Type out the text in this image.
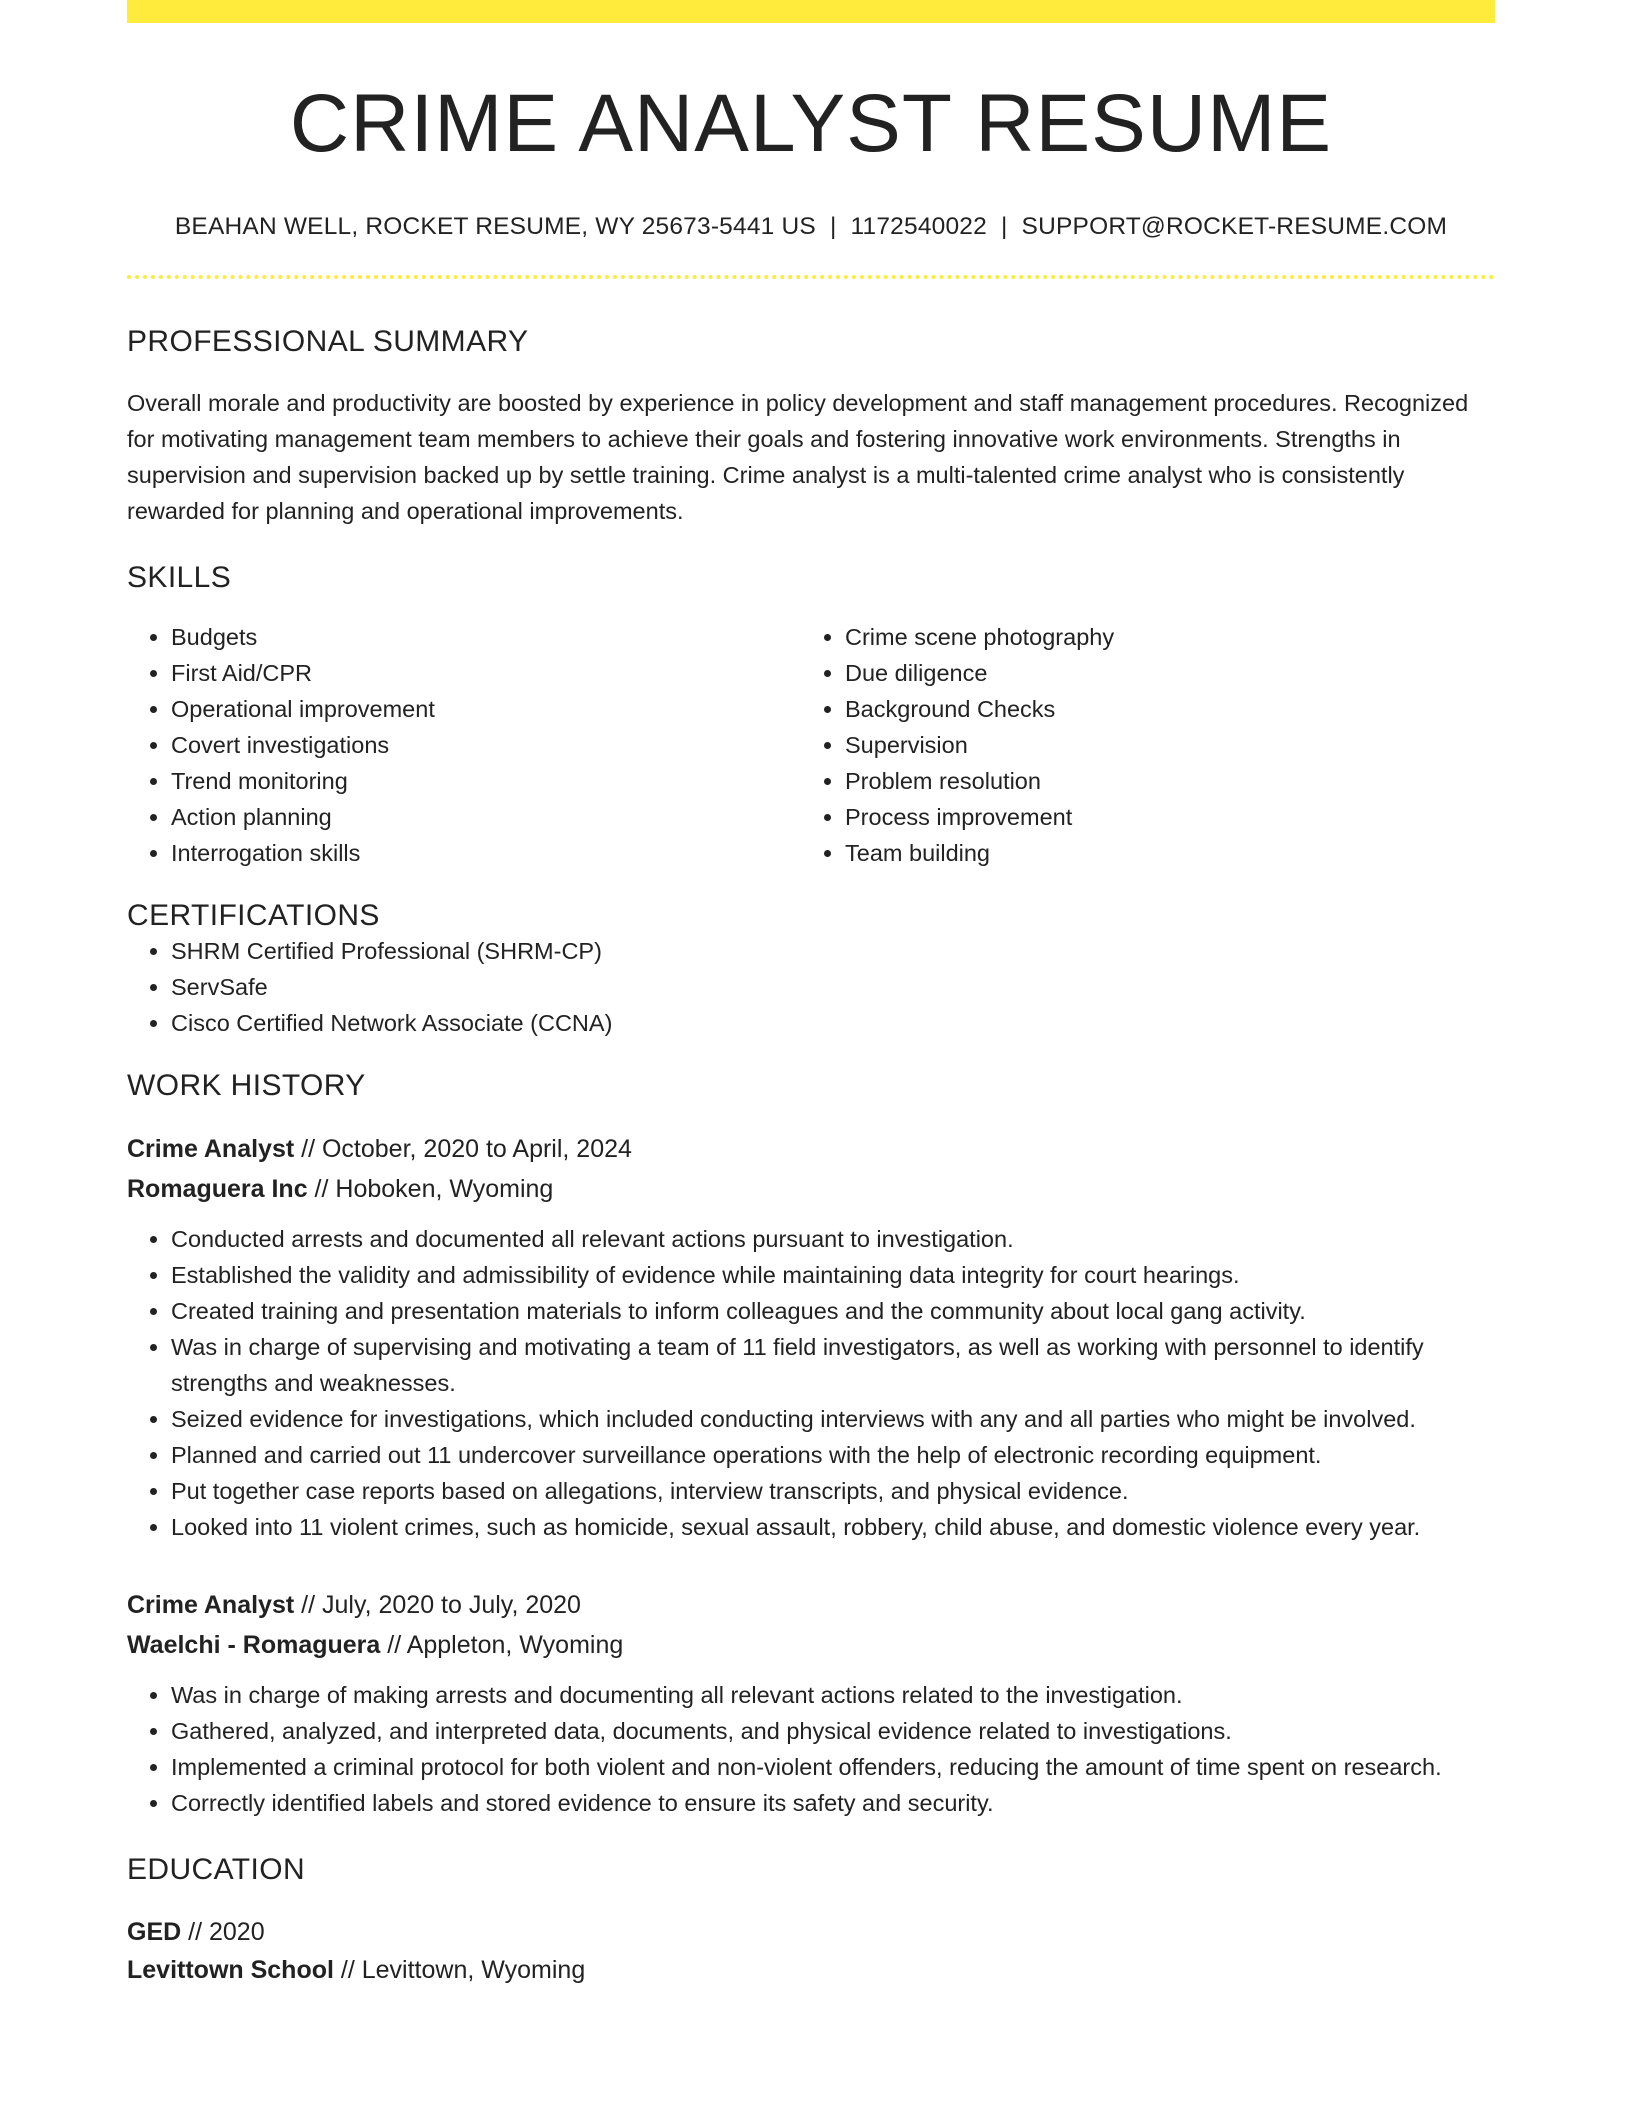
CRIME ANALYST RESUME
BEAHAN WELL, ROCKET RESUME, WY 25673-5441 US | 1172540022 | SUPPORT@ROCKET-RESUME.COM
PROFESSIONAL SUMMARY
Overall morale and productivity are boosted by experience in policy development and staff management procedures. Recognized for motivating management team members to achieve their goals and fostering innovative work environments. Strengths in supervision and supervision backed up by settle training. Crime analyst is a multi-talented crime analyst who is consistently rewarded for planning and operational improvements.
SKILLS
• Budgets
• First Aid/CPR
• Operational improvement
• Covert investigations
• Trend monitoring
• Action planning
• Interrogation skills
• Crime scene photography
• Due diligence
• Background Checks
• Supervision
• Problem resolution
• Process improvement
• Team building
CERTIFICATIONS
• SHRM Certified Professional (SHRM-CP)
• ServSafe
• Cisco Certified Network Associate (CCNA)
WORK HISTORY
Crime Analyst // October, 2020 to April, 2024
Romaguera Inc // Hoboken, Wyoming
• Conducted arrests and documented all relevant actions pursuant to investigation.
• Established the validity and admissibility of evidence while maintaining data integrity for court hearings.
• Created training and presentation materials to inform colleagues and the community about local gang activity.
• Was in charge of supervising and motivating a team of 11 field investigators, as well as working with personnel to identify strengths and weaknesses.
• Seized evidence for investigations, which included conducting interviews with any and all parties who might be involved.
• Planned and carried out 11 undercover surveillance operations with the help of electronic recording equipment.
• Put together case reports based on allegations, interview transcripts, and physical evidence.
• Looked into 11 violent crimes, such as homicide, sexual assault, robbery, child abuse, and domestic violence every year.
Crime Analyst // July, 2020 to July, 2020
Waelchi - Romaguera // Appleton, Wyoming
• Was in charge of making arrests and documenting all relevant actions related to the investigation.
• Gathered, analyzed, and interpreted data, documents, and physical evidence related to investigations.
• Implemented a criminal protocol for both violent and non-violent offenders, reducing the amount of time spent on research.
• Correctly identified labels and stored evidence to ensure its safety and security.
EDUCATION
GED // 2020
Levittown School // Levittown, Wyoming
